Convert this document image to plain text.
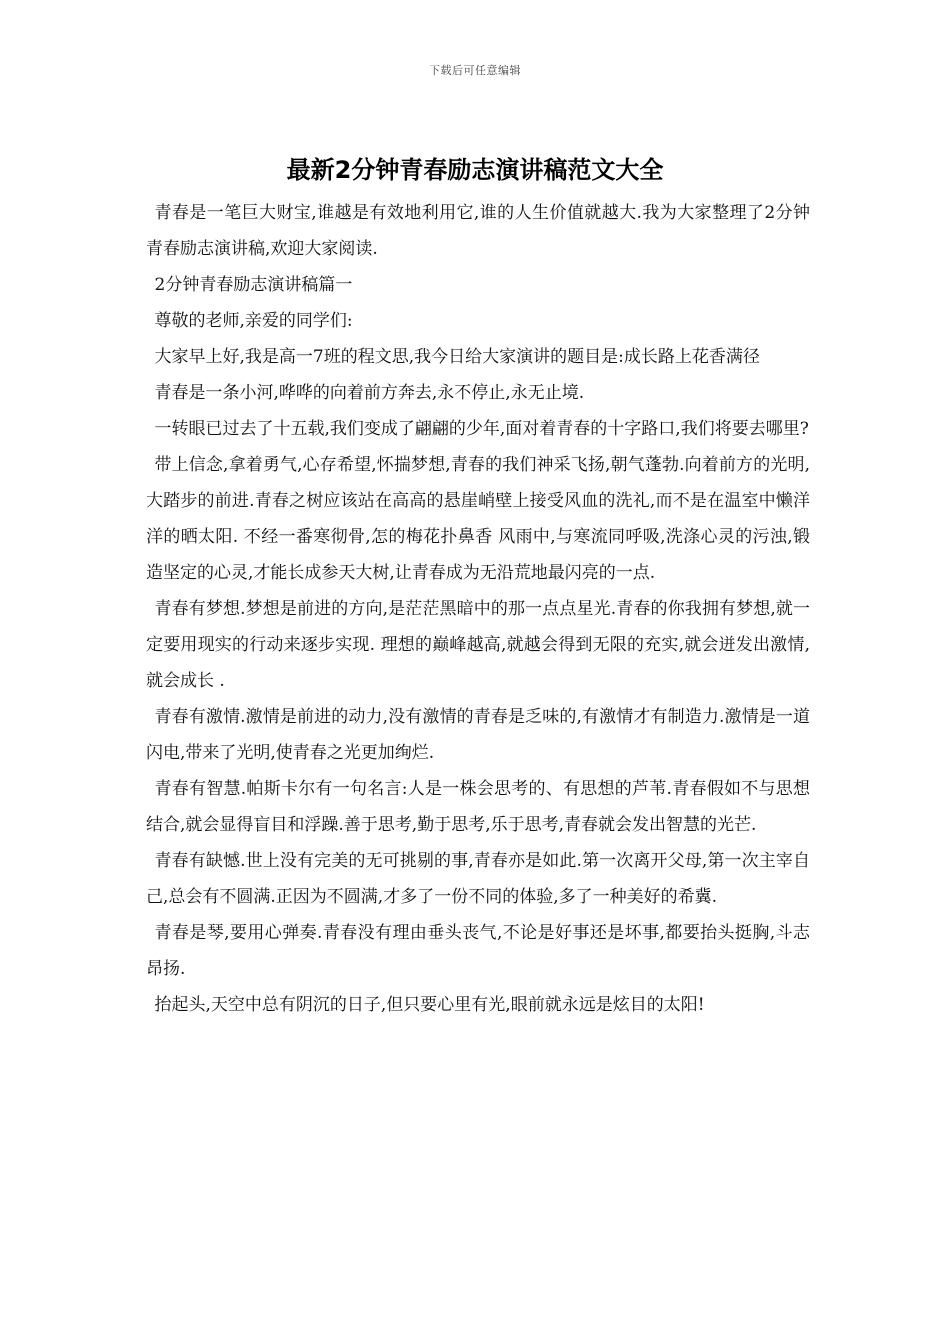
下载后可任意编辑
最新2分钟青春励志演讲稿范文大全

青春是一笔巨大财宝,谁越是有效地利用它,谁的人生价值就越大.我为大家整理了2分钟青春励志演讲稿,欢迎大家阅读.

2分钟青春励志演讲稿篇一

尊敬的老师,亲爱的同学们:

大家早上好,我是高一7班的程文思,我今日给大家演讲的题目是:成长路上花香满径

青春是一条小河,哗哗的向着前方奔去,永不停止,永无止境.

一转眼已过去了十五载,我们变成了翩翩的少年,面对着青春的十字路口,我们将要去哪里?

带上信念,拿着勇气,心存希望,怀揣梦想,青春的我们神采飞扬,朝气蓬勃.向着前方的光明,大踏步的前进.青春之树应该站在高高的悬崖峭壁上接受风血的洗礼,而不是在温室中懒洋洋的晒太阳. 不经一番寒彻骨,怎的梅花扑鼻香 风雨中,与寒流同呼吸,洗涤心灵的污浊,锻造坚定的心灵,才能长成参天大树,让青春成为无沿荒地最闪亮的一点.

青春有梦想.梦想是前进的方向,是茫茫黑暗中的那一点点星光.青春的你我拥有梦想,就一定要用现实的行动来逐步实现. 理想的巅峰越高,就越会得到无限的充实,就会迸发出激情,就会成长 .

青春有激情.激情是前进的动力,没有激情的青春是乏味的,有激情才有制造力.激情是一道闪电,带来了光明,使青春之光更加绚烂.

青春有智慧.帕斯卡尔有一句名言:人是一株会思考的、有思想的芦苇.青春假如不与思想结合,就会显得盲目和浮躁.善于思考,勤于思考,乐于思考,青春就会发出智慧的光芒.

青春有缺憾.世上没有完美的无可挑剔的事,青春亦是如此.第一次离开父母,第一次主宰自己,总会有不圆满.正因为不圆满,才多了一份不同的体验,多了一种美好的希冀.

青春是琴,要用心弹奏.青春没有理由垂头丧气,不论是好事还是坏事,都要抬头挺胸,斗志昂扬.

抬起头,天空中总有阴沉的日子,但只要心里有光,眼前就永远是炫目的太阳!
